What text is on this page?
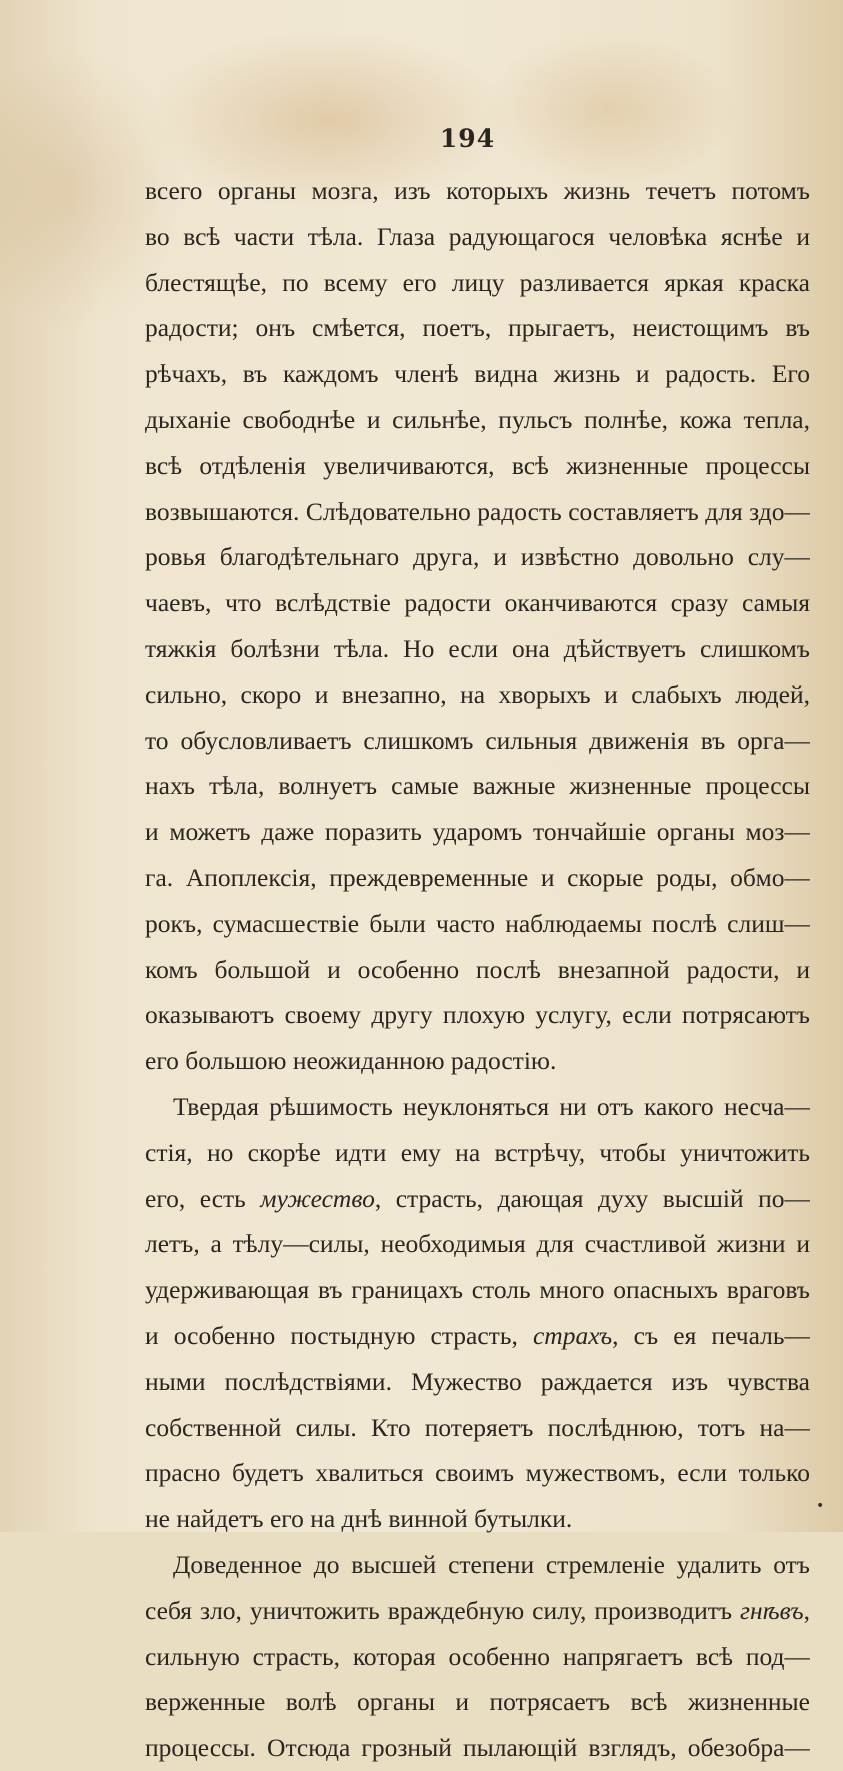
194
всего органы мозга, изъ которыхъ жизнь течетъ потомъ
во всѣ части тѣла. Глаза радующагося человѣка яснѣе и
блестящѣе, по всему его лицу разливается яркая краска
радости; онъ смѣется, поетъ, прыгаетъ, неистощимъ въ
рѣчахъ, въ каждомъ членѣ видна жизнь и радость. Его
дыханіе свободнѣе и сильнѣе, пульсъ полнѣе, кожа тепла,
всѣ отдѣленія увеличиваются, всѣ жизненные процессы
возвышаются. Слѣдовательно радость составляетъ для здо—
ровья благодѣтельнаго друга, и извѣстно довольно слу—
чаевъ, что вслѣдствіе радости оканчиваются сразу самыя
тяжкія болѣзни тѣла. Но если она дѣйствуетъ слишкомъ
сильно, скоро и внезапно, на хворыхъ и слабыхъ людей,
то обусловливаетъ слишкомъ сильныя движенія въ орга—
нахъ тѣла, волнуетъ самые важные жизненные процессы
и можетъ даже поразить ударомъ тончайшіе органы моз—
га. Апоплексія, преждевременные и скорые роды, обмо—
рокъ, сумасшествіе были часто наблюдаемы послѣ слиш—
комъ большой и особенно послѣ внезапной радости, и
оказываютъ своему другу плохую услугу, если потрясаютъ
его большою неожиданною радостію.
Твердая рѣшимость неуклоняться ни отъ какого несча—
стія, но скорѣе идти ему на встрѣчу, чтобы уничтожить
его, есть мужество, страсть, дающая духу высшій по—
летъ, а тѣлу—силы, необходимыя для счастливой жизни и
удерживающая въ границахъ столь много опасныхъ враговъ
и особенно постыдную страсть, страхъ, съ ея печаль—
ными послѣдствіями. Мужество раждается изъ чувства
собственной силы. Кто потеряетъ послѣднюю, тотъ на—
прасно будетъ хвалиться своимъ мужествомъ, если только
не найдетъ его на днѣ винной бутылки.
Доведенное до высшей степени стремленіе удалить отъ
себя зло, уничтожить враждебную силу, производитъ гнѣвъ,
сильную страсть, которая особенно напрягаетъ всѣ под—
верженные волѣ органы и потрясаетъ всѣ жизненные
процессы. Отсюда грозный пылающій взглядъ, обезобра—
•
